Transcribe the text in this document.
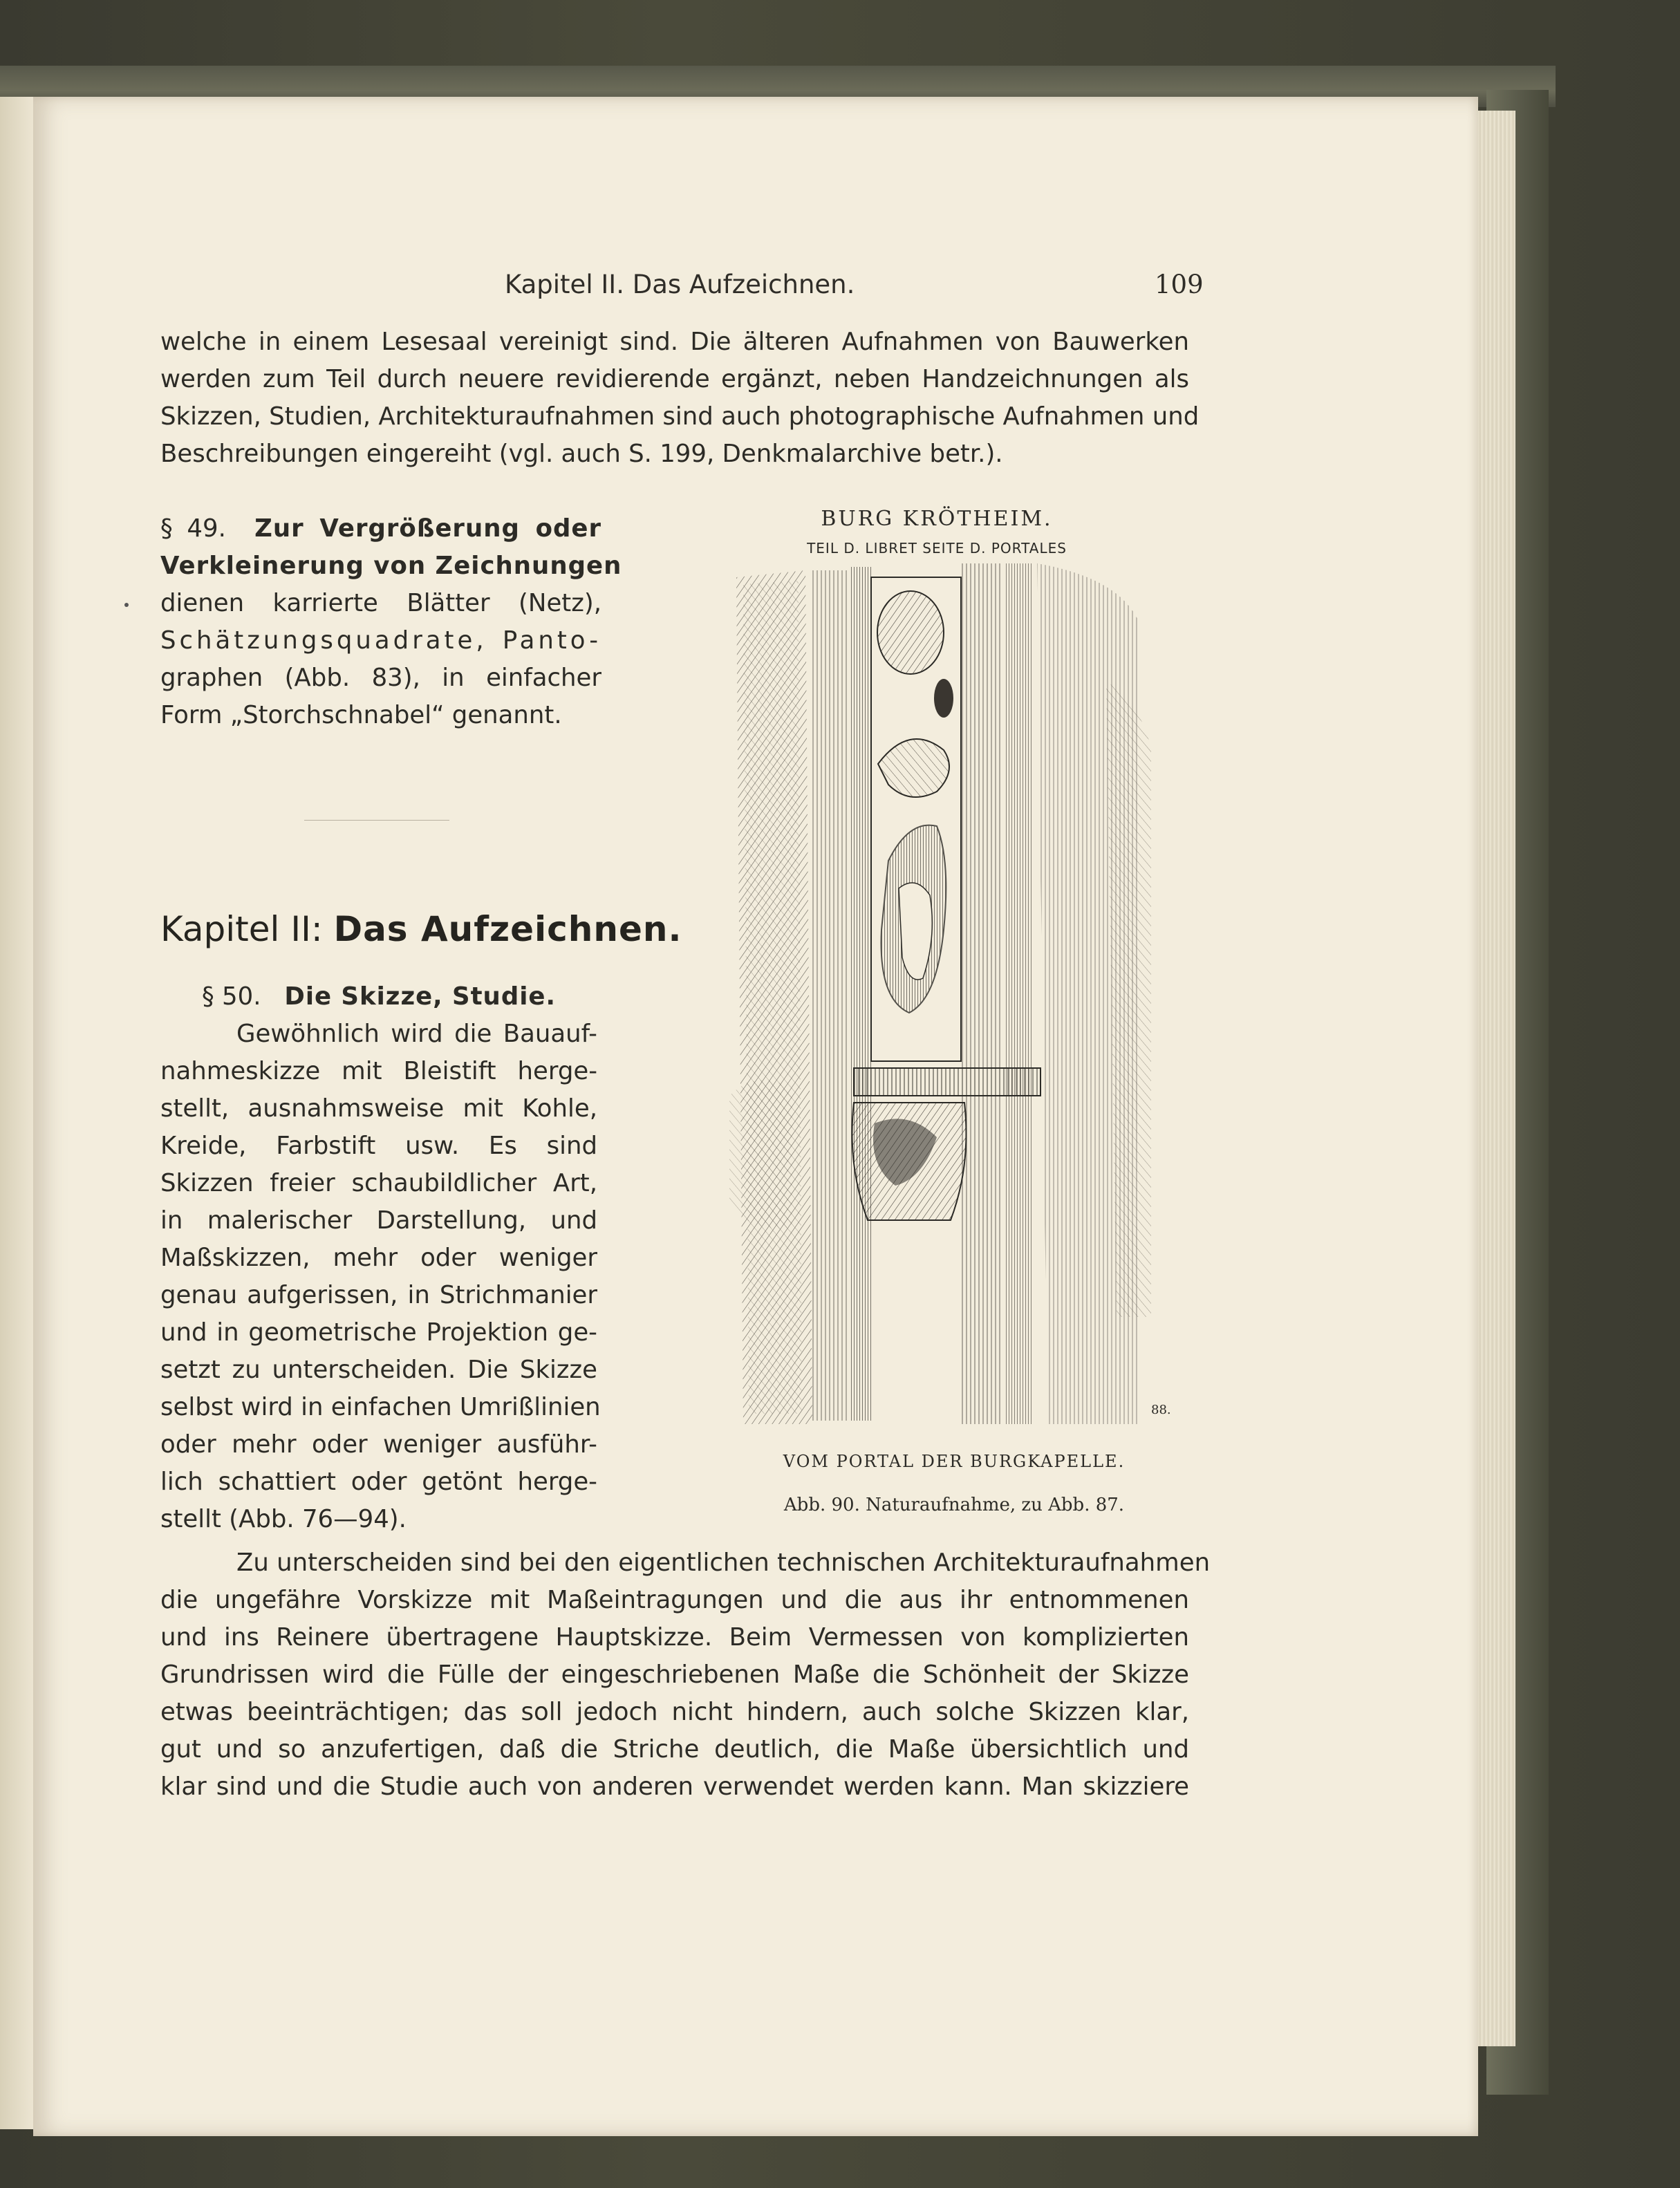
Kapitel II. Das Aufzeichnen.	109
welche in einem Lesesaal vereinigt sind. Die älteren Aufnahmen von Bauwerken
werden zum Teil durch neuere revidierende ergänzt, neben Handzeichnungen als
Skizzen, Studien, Architekturaufnahmen sind auch photographische Aufnahmen und
Beschreibungen eingereiht (vgl. auch S. 199, Denkmalarchive betr.).
§ 49. Zur Vergrößerung oder
Verkleinerung von Zeichnungen
dienen karrierte Blätter (Netz),
Schätzungsquadrate, Panto-
graphen (Abb. 83), in einfacher
Form „Storchschnabel“ genannt.
Kapitel II: Das Aufzeichnen.
§ 50. Die Skizze, Studie.
Gewöhnlich wird die Bauauf-
nahmeskizze mit Bleistift herge-
stellt, ausnahmsweise mit Kohle,
Kreide, Farbstift usw. Es sind
Skizzen freier schaubildlicher Art,
in malerischer Darstellung, und
Maßskizzen, mehr oder weniger
genau aufgerissen, in Strichmanier
und in geometrische Projektion ge-
setzt zu unterscheiden. Die Skizze
selbst wird in einfachen Umrißlinien
oder mehr oder weniger ausführ-
lich schattiert oder getönt herge-
stellt (Abb. 76—94).
Zu unterscheiden sind bei den eigentlichen technischen Architekturaufnahmen
die ungefähre Vorskizze mit Maßeintragungen und die aus ihr entnommenen
und ins Reinere übertragene Hauptskizze. Beim Vermessen von komplizierten
Grundrissen wird die Fülle der eingeschriebenen Maße die Schönheit der Skizze
etwas beeinträchtigen; das soll jedoch nicht hindern, auch solche Skizzen klar,
gut und so anzufertigen, daß die Striche deutlich, die Maße übersichtlich und
klar sind und die Studie auch von anderen verwendet werden kann. Man skizziere
BURG KRÖTHEIM.
TEIL D. LIBRET SEITE D. PORTALES
88.
VOM PORTAL DER BURGKAPELLE.
Abb. 90. Naturaufnahme, zu Abb. 87.
